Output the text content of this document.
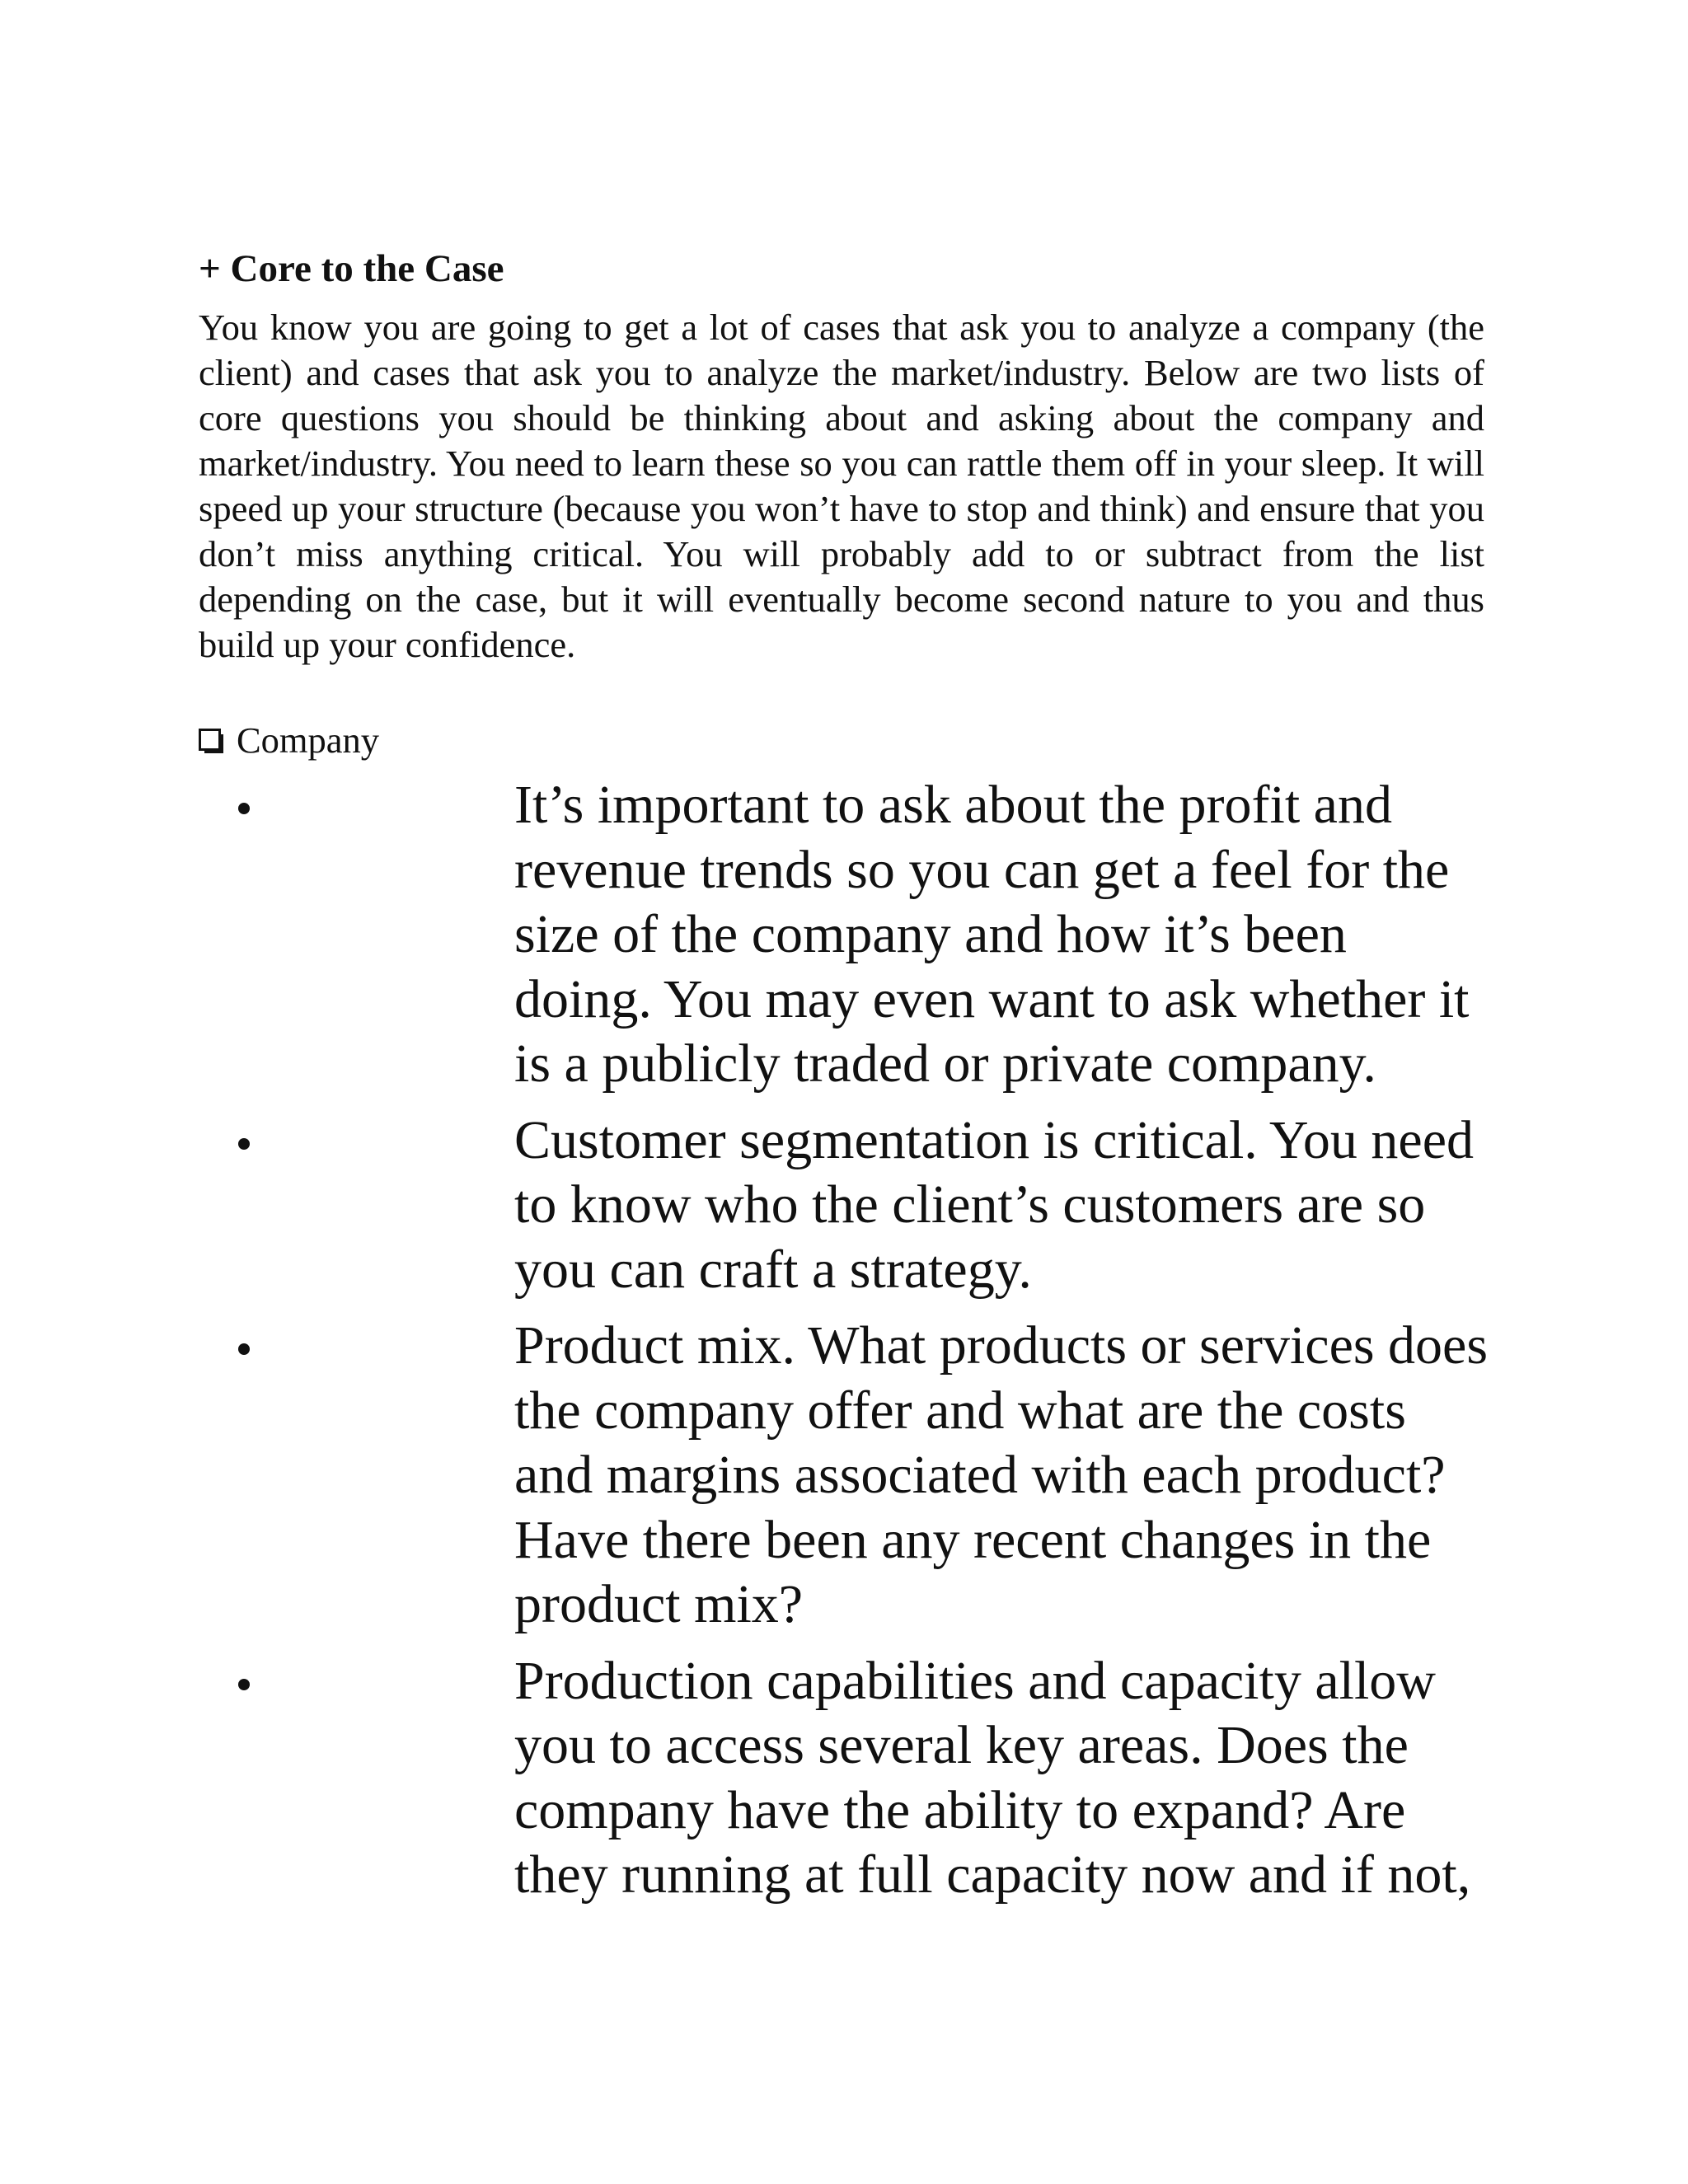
+ Core to the Case

You know you are going to get a lot of cases that ask you to analyze a company (the client) and cases that ask you to analyze the market/industry. Below are two lists of core questions you should be thinking about and asking about the company and market/industry. You need to learn these so you can rattle them off in your sleep. It will speed up your structure (because you won’t have to stop and think) and ensure that you don’t miss anything critical. You will probably add to or subtract from the list depending on the case, but it will eventually become second nature to you and thus build up your confidence.

Company
It’s important to ask about the profit and revenue trends so you can get a feel for the size of the company and how it’s been doing. You may even want to ask whether it is a publicly traded or private company.
Customer segmentation is critical. You need to know who the client’s customers are so you can craft a strategy.
Product mix. What products or services does the company offer and what are the costs and margins associated with each product? Have there been any recent changes in the product mix?
Production capabilities and capacity allow you to access several key areas. Does the company have the ability to expand? Are they running at full capacity now and if not,
